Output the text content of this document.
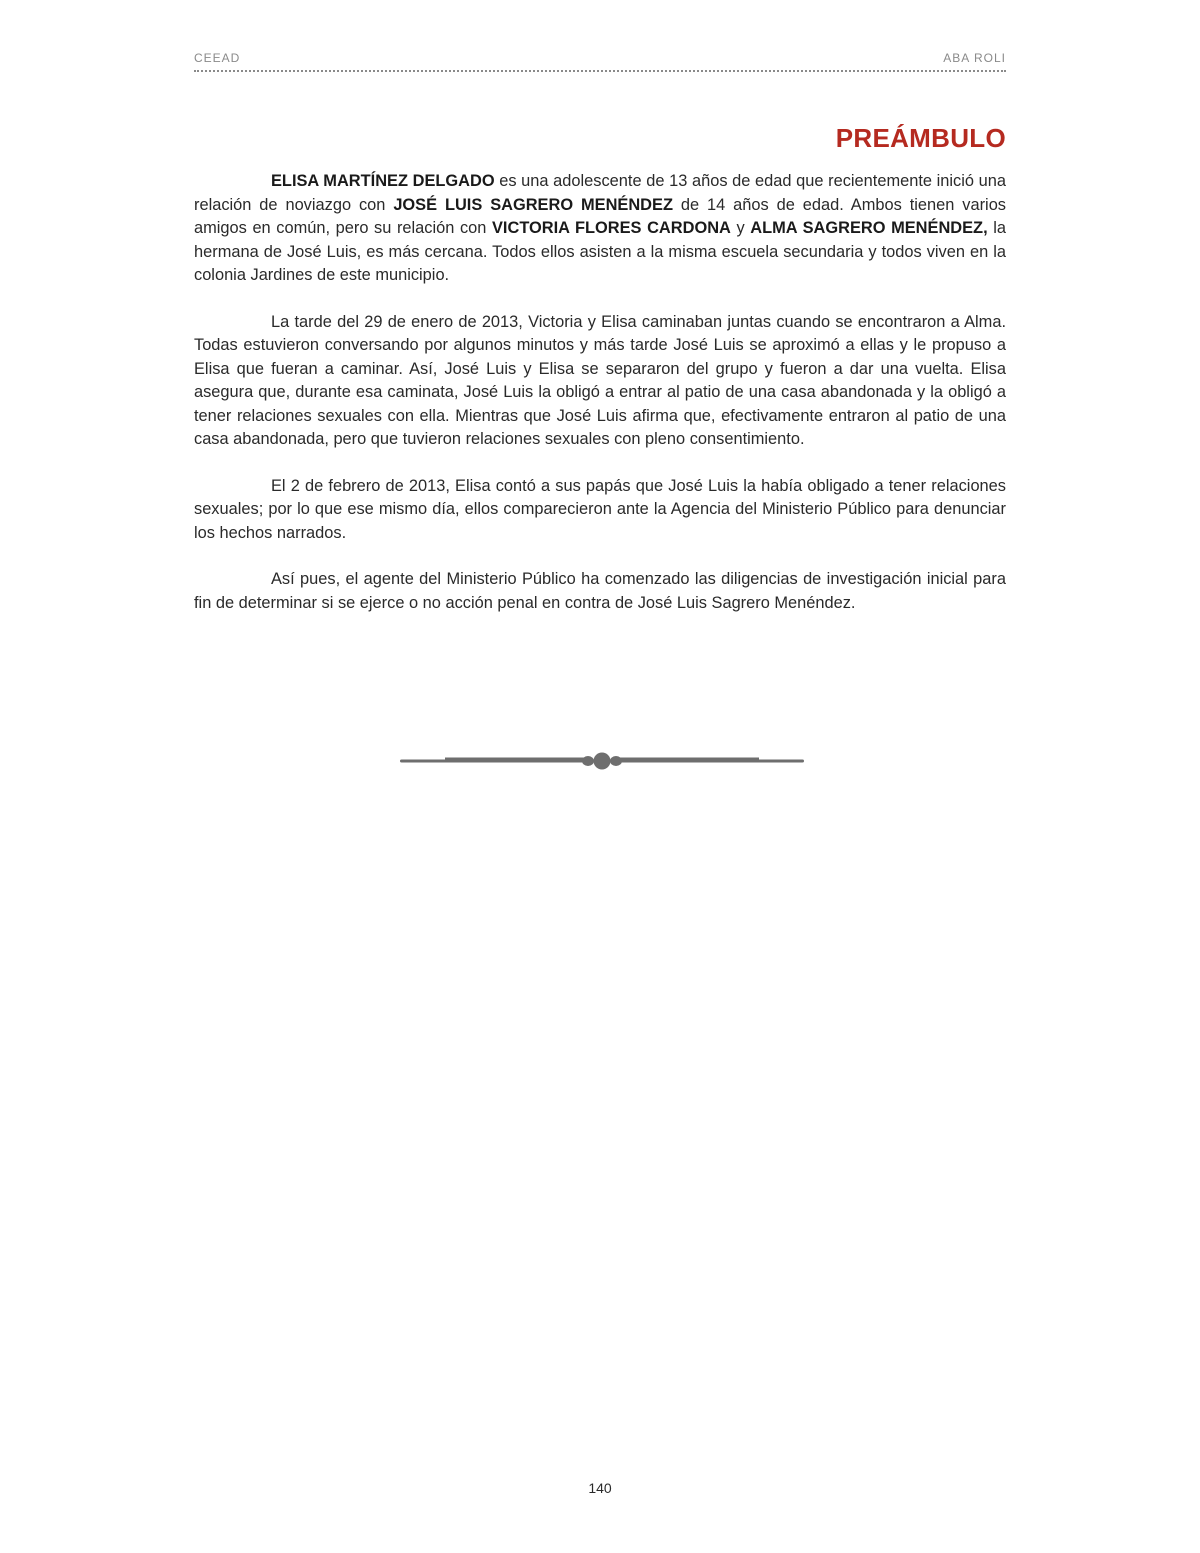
CEEAD	ABA ROLI
PREÁMBULO

ELISA MARTÍNEZ DELGADO es una adolescente de 13 años de edad que recientemente inició una relación de noviazgo con JOSÉ LUIS SAGRERO MENÉNDEZ de 14 años de edad. Ambos tienen varios amigos en común, pero su relación con VICTORIA FLORES CARDONA y ALMA SAGRERO MENÉNDEZ, la hermana de José Luis, es más cercana. Todos ellos asisten a la misma escuela secundaria y todos viven en la colonia Jardines de este municipio.

La tarde del 29 de enero de 2013, Victoria y Elisa caminaban juntas cuando se encontraron a Alma. Todas estuvieron conversando por algunos minutos y más tarde José Luis se aproximó a ellas y le propuso a Elisa que fueran a caminar. Así, José Luis y Elisa se separaron del grupo y fueron a dar una vuelta. Elisa asegura que, durante esa caminata, José Luis la obligó a entrar al patio de una casa abandonada y la obligó a tener relaciones sexuales con ella. Mientras que José Luis afirma que, efectivamente entraron al patio de una casa abandonada, pero que tuvieron relaciones sexuales con pleno consentimiento.

El 2 de febrero de 2013, Elisa contó a sus papás que José Luis la había obligado a tener relaciones sexuales; por lo que ese mismo día, ellos comparecieron ante la Agencia del Ministerio Público para denunciar los hechos narrados.

Así pues, el agente del Ministerio Público ha comenzado las diligencias de investigación inicial para fin de determinar si se ejerce o no acción penal en contra de José Luis Sagrero Menéndez.

140
